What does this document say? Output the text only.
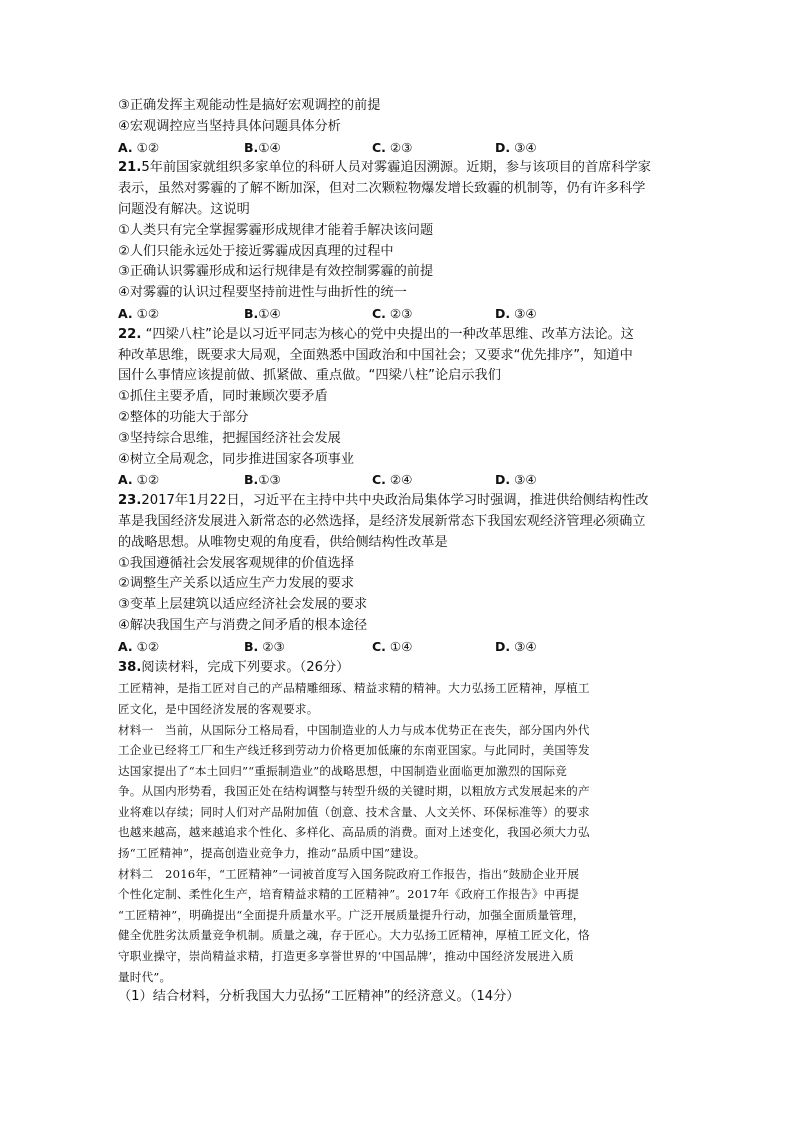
③正确发挥主观能动性是搞好宏观调控的前提
④宏观调控应当坚持具体问题具体分析
A. ①②	B.①④	C. ②③	D. ③④
21.5年前国家就组织多家单位的科研人员对雾霾追因溯源。近期，参与该项目的首席科学家
表示，虽然对雾霾的了解不断加深，但对二次颗粒物爆发增长致霾的机制等，仍有许多科学
问题没有解决。这说明
①人类只有完全掌握雾霾形成规律才能着手解决该问题
②人们只能永远处于接近雾霾成因真理的过程中
③正确认识雾霾形成和运行规律是有效控制雾霾的前提
④对雾霾的认识过程要坚持前进性与曲折性的统一
A. ①②	B.①④	C. ②③	D. ③④
22. “四梁八柱”论是以习近平同志为核心的党中央提出的一种改革思维、改革方法论。这
种改革思维，既要求大局观，全面熟悉中国政治和中国社会；又要求“优先排序”，知道中
国什么事情应该提前做、抓紧做、重点做。“四梁八柱”论启示我们
①抓住主要矛盾，同时兼顾次要矛盾
②整体的功能大于部分
③坚持综合思维，把握国经济社会发展
④树立全局观念，同步推进国家各项事业
A. ①②	B.①③	C. ②④	D. ③④
23.2017年1月22日，习近平在主持中共中央政治局集体学习时强调，推进供给侧结构性改
革是我国经济发展进入新常态的必然选择，是经济发展新常态下我国宏观经济管理必须确立
的战略思想。从唯物史观的角度看，供给侧结构性改革是
①我国遵循社会发展客观规律的价值选择
②调整生产关系以适应生产力发展的要求
③变革上层建筑以适应经济社会发展的要求
④解决我国生产与消费之间矛盾的根本途径
A. ①②	B. ②③	C. ①④	D. ③④
38.阅读材料，完成下列要求。（26分）
工匠精神，是指工匠对自己的产品精雕细琢、精益求精的精神。大力弘扬工匠精神，厚植工
匠文化，是中国经济发展的客观要求。
材料一 当前，从国际分工格局看，中国制造业的人力与成本优势正在丧失，部分国内外代
工企业已经将工厂和生产线迁移到劳动力价格更加低廉的东南亚国家。与此同时，美国等发
达国家提出了“本土回归”“重振制造业”的战略思想，中国制造业面临更加激烈的国际竞
争。从国内形势看，我国正处在结构调整与转型升级的关键时期，以粗放方式发展起来的产
业将难以存续；同时人们对产品附加值（创意、技术含量、人文关怀、环保标准等）的要求
也越来越高，越来越追求个性化、多样化、高品质的消费。面对上述变化，我国必须大力弘
扬“工匠精神”，提高创造业竞争力，推动“品质中国”建设。
材料二 2016年，“工匠精神”一词被首度写入国务院政府工作报告，指出“鼓励企业开展
个性化定制、柔性化生产，培育精益求精的工匠精神”。2017年《政府工作报告》中再提
“工匠精神”，明确提出“全面提升质量水平。广泛开展质量提升行动，加强全面质量管理，
健全优胜劣汰质量竞争机制。质量之魂，存于匠心。大力弘扬工匠精神，厚植工匠文化，恪
守职业操守，崇尚精益求精，打造更多享誉世界的‘中国品牌’，推动中国经济发展进入质
量时代”。
（1）结合材料，分析我国大力弘扬“工匠精神”的经济意义。（14分）
